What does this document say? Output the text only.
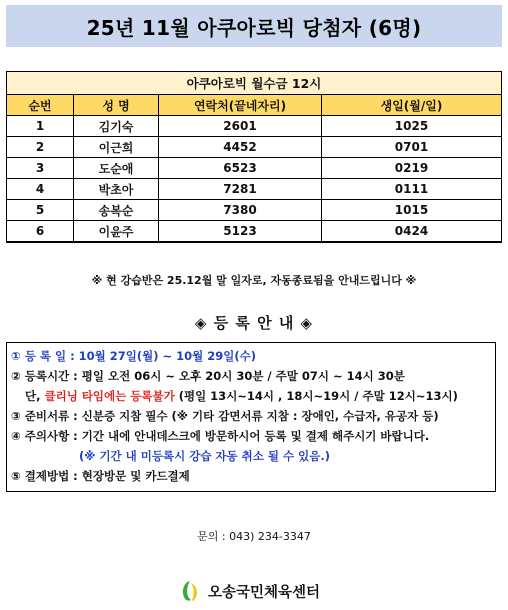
25년 11월 아쿠아로빅 당첨자 (6명)
아쿠아로빅 월수금 12시			
순번	성 명	연락처(끝네자리)	생일(월/일)
1	김기숙	2601	1025
2	이근희	4452	0701
3	도순애	6523	0219
4	박초아	7281	0111
5	송복순	7380	1015
6	이윤주	5123	0424
※ 현 강습반은 25.12월 말 일자로, 자동종료됨을 안내드립니다 ※
◈ 등 록 안 내 ◈
① 등 록 일 : 10월 27일(월) ~ 10월 29일(수)
② 등록시간 : 평일 오전 06시 ~ 오후 20시 30분 / 주말 07시 ~ 14시 30분
단, 클리닝 타임에는 등록불가 (평일 13시~14시 , 18시~19시 / 주말 12시~13시)
③ 준비서류 : 신분증 지참 필수 (※ 기타 감면서류 지참 : 장애인, 수급자, 유공자 등)
④ 주의사항 : 기간 내에 안내데스크에 방문하시어 등록 및 결제 해주시기 바랍니다.
(※ 기간 내 미등록시 강습 자동 취소 될 수 있음.)
⑤ 결제방법 : 현장방문 및 카드결제
문의 : 043) 234-3347
오송국민체육센터
